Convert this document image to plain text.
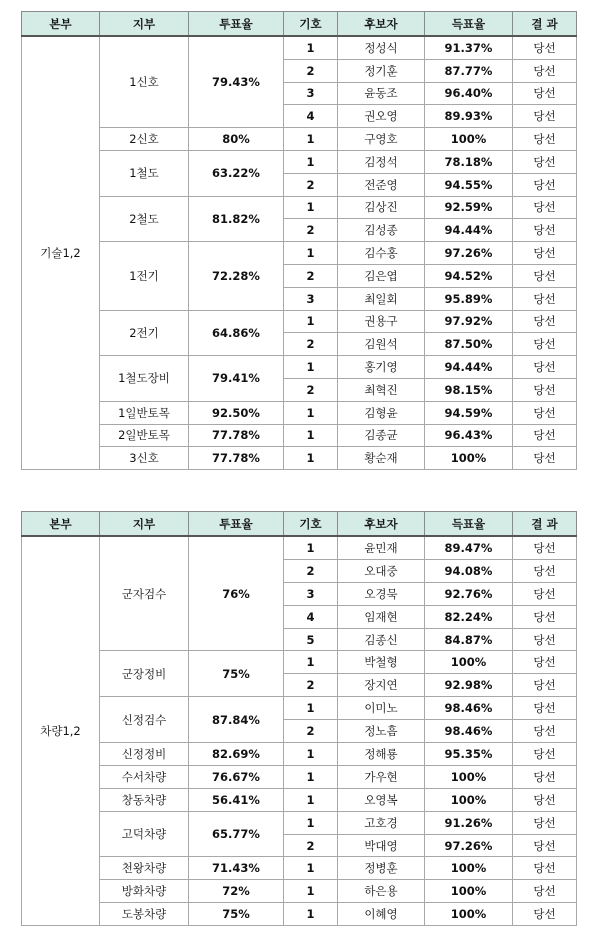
본부	지부	투표율	기호	후보자	득표율	결 과
기술1,2	1신호	79.43%	1	정성식	91.37%	당선
			2	정기훈	87.77%	당선
			3	윤동조	96.40%	당선
			4	권오영	89.93%	당선
	2신호	80%	1	구영호	100%	당선
	1철도	63.22%	1	김정석	78.18%	당선
			2	전준영	94.55%	당선
	2철도	81.82%	1	김상진	92.59%	당선
			2	김성종	94.44%	당선
	1전기	72.28%	1	김수홍	97.26%	당선
			2	김은엽	94.52%	당선
			3	최일회	95.89%	당선
	2전기	64.86%	1	권용구	97.92%	당선
			2	김원석	87.50%	당선
	1철도장비	79.41%	1	홍기영	94.44%	당선
			2	최혁진	98.15%	당선
	1일반토목	92.50%	1	김형윤	94.59%	당선
	2일반토목	77.78%	1	김종균	96.43%	당선
	3신호	77.78%	1	황순재	100%	당선
본부	지부	투표율	기호	후보자	득표율	결 과
차량1,2	군자검수	76%	1	윤민재	89.47%	당선
			2	오대중	94.08%	당선
			3	오경묵	92.76%	당선
			4	임재현	82.24%	당선
			5	김종신	84.87%	당선
	군장정비	75%	1	박철형	100%	당선
			2	장지연	92.98%	당선
	신정검수	87.84%	1	이미노	98.46%	당선
			2	정노흠	98.46%	당선
	신정정비	82.69%	1	정해룡	95.35%	당선
	수서차량	76.67%	1	가우현	100%	당선
	창동차량	56.41%	1	오영복	100%	당선
	고덕차량	65.77%	1	고호경	91.26%	당선
			2	박대영	97.26%	당선
	천왕차량	71.43%	1	정병훈	100%	당선
	방화차량	72%	1	하은용	100%	당선
	도봉차량	75%	1	이혜영	100%	당선
